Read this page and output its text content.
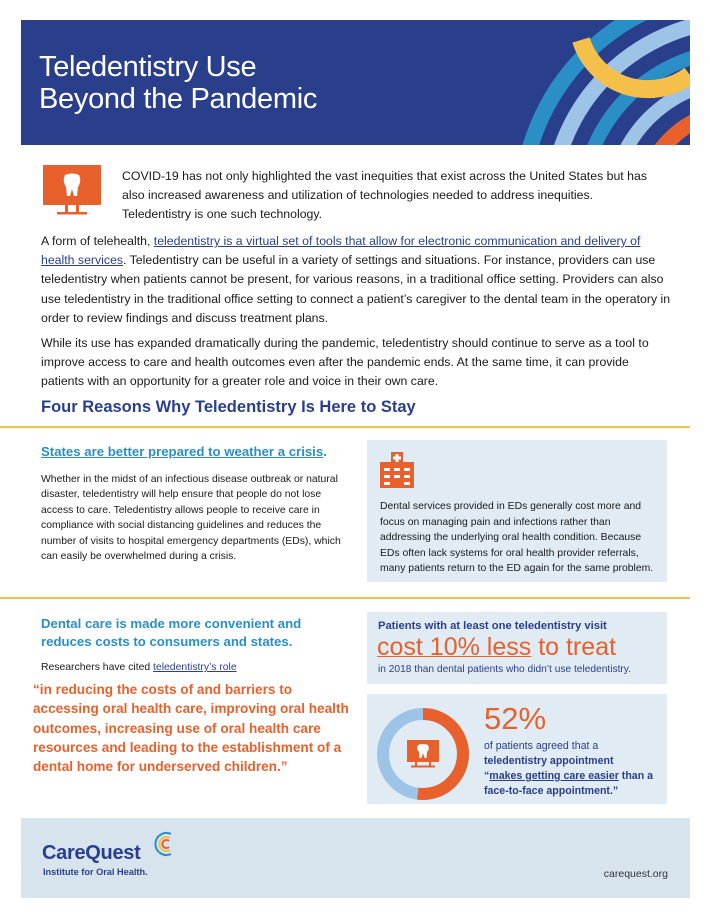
Teledentistry Use
Beyond the Pandemic

COVID-19 has not only highlighted the vast inequities that exist across the United States but has also increased awareness and utilization of technologies needed to address inequities. Teledentistry is one such technology.

A form of telehealth, teledentistry is a virtual set of tools that allow for electronic communication and delivery of health services. Teledentistry can be useful in a variety of settings and situations. For instance, providers can use teledentistry when patients cannot be present, for various reasons, in a traditional office setting. Providers can also use teledentistry in the traditional office setting to connect a patient’s caregiver to the dental team in the operatory in order to review findings and discuss treatment plans.

While its use has expanded dramatically during the pandemic, teledentistry should continue to serve as a tool to improve access to care and health outcomes even after the pandemic ends. At the same time, it can provide patients with an opportunity for a greater role and voice in their own care.

Four Reasons Why Teledentistry Is Here to Stay
States are better prepared to weather a crisis.

Whether in the midst of an infectious disease outbreak or natural disaster, teledentistry will help ensure that people do not lose access to care. Teledentistry allows people to receive care in compliance with social distancing guidelines and reduces the number of visits to hospital emergency departments (EDs), which can easily be overwhelmed during a crisis.

Dental services provided in EDs generally cost more and focus on managing pain and infections rather than addressing the underlying oral health condition. Because EDs often lack systems for oral health provider referrals, many patients return to the ED again for the same problem.

Dental care is made more convenient and reduces costs to consumers and states.

Researchers have cited teledentistry’s role

“in reducing the costs of and barriers to accessing oral health care, improving oral health outcomes, increasing use of oral health care resources and leading to the establishment of a dental home for underserved children.”

Patients with at least one teledentistry visit

cost 10% less to treat

in 2018 than dental patients who didn’t use teledentistry.

52%

of patients agreed that a teledentistry appointment
“makes getting care easier than a face-to-face appointment.”

CareQuest

Institute for Oral Health.	carequest.org
